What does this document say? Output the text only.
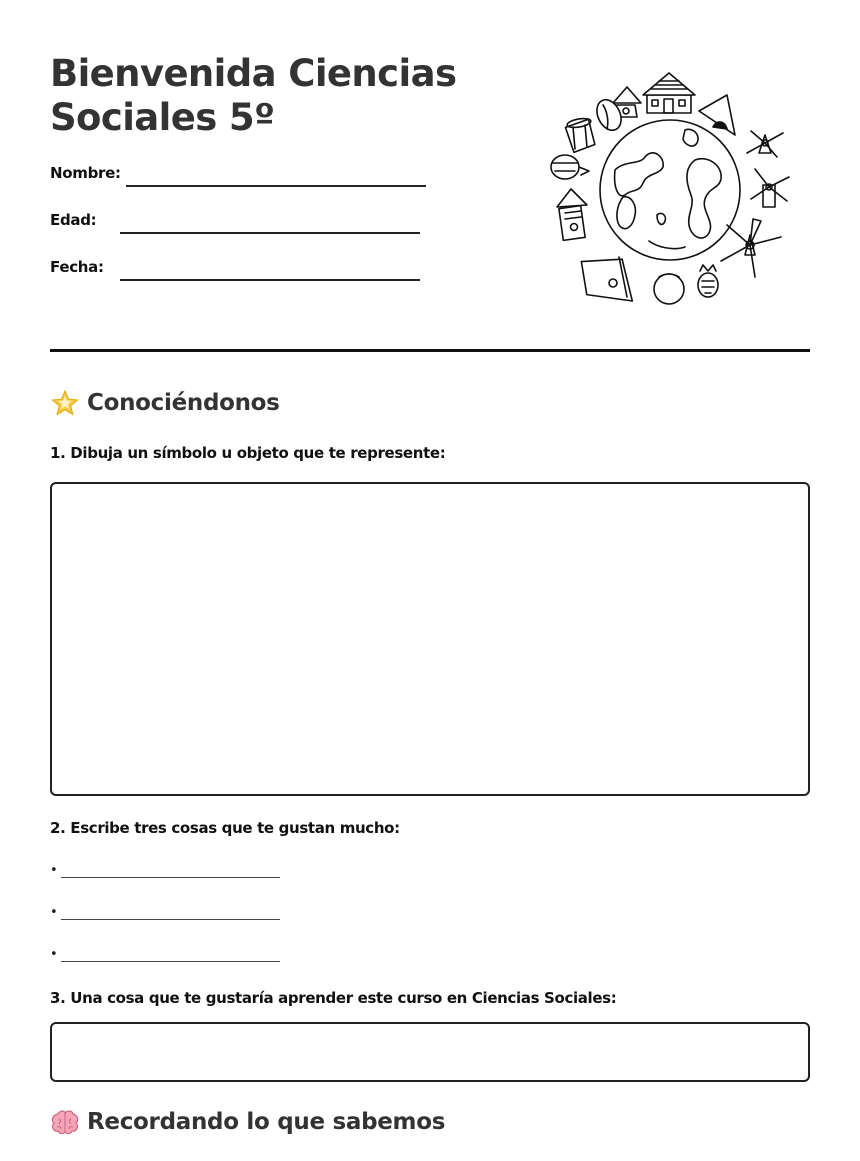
Bienvenida Ciencias
Sociales 5º
Nombre:
Edad:
Fecha:
Conociéndonos

1. Dibuja un símbolo u objeto que te represente:

2. Escribe tres cosas que te gustan mucho:

•
•
•

3. Una cosa que te gustaría aprender este curso en Ciencias Sociales:

Recordando lo que sabemos
